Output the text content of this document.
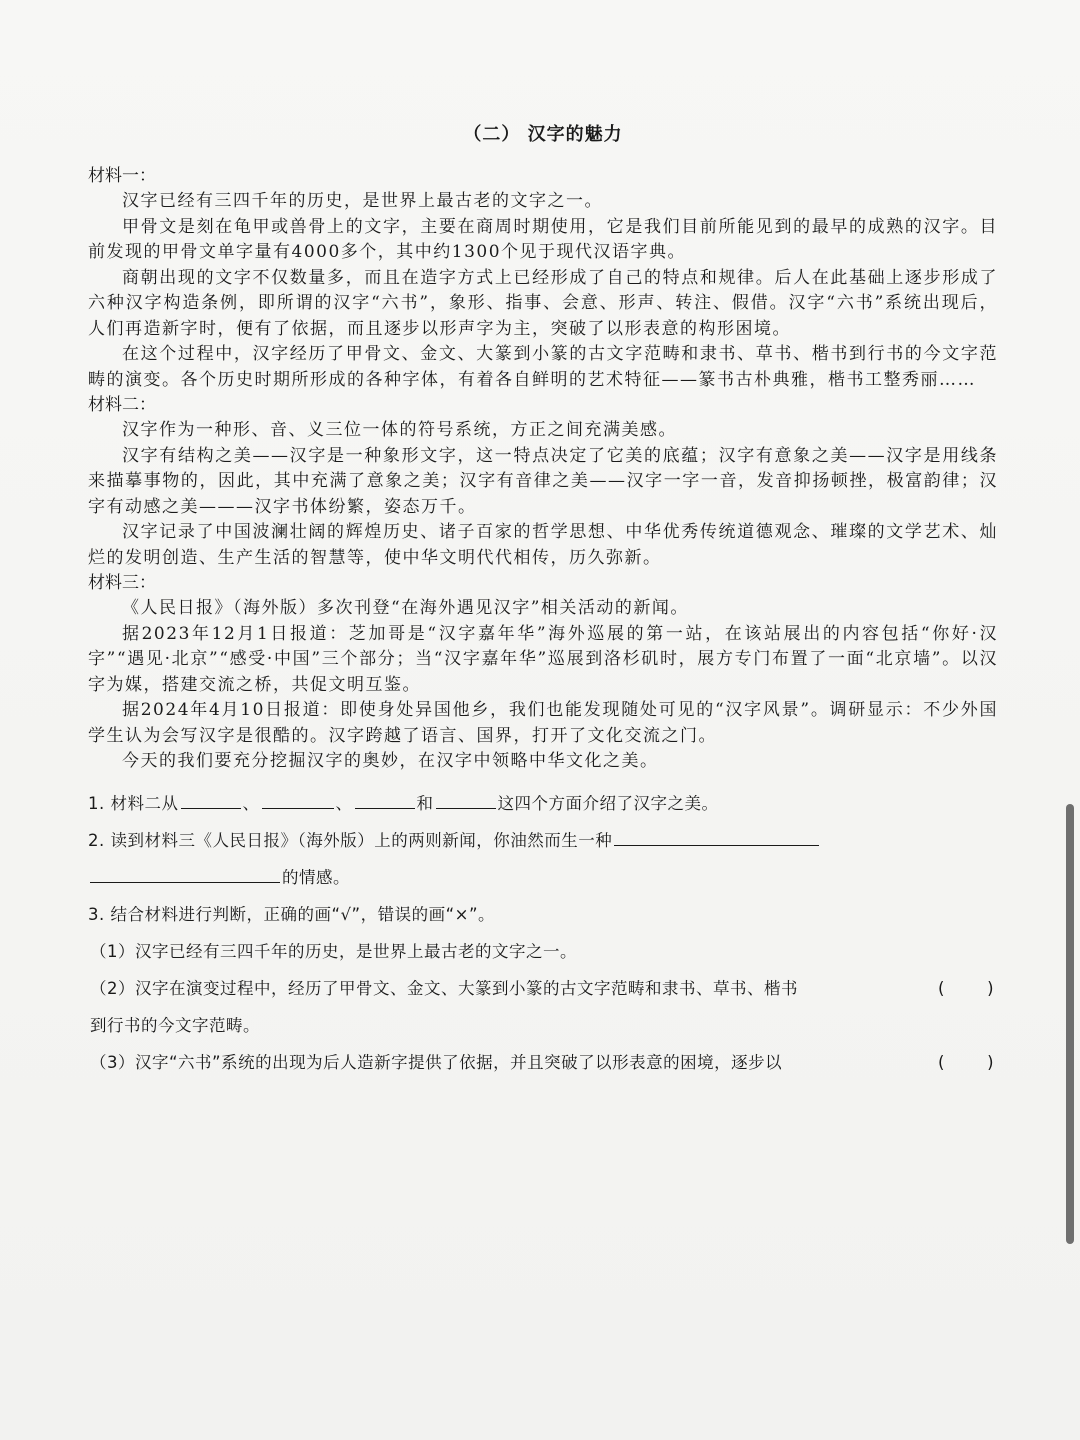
（二） 汉字的魅力

材料一：

汉字已经有三四千年的历史，是世界上最古老的文字之一。

甲骨文是刻在龟甲或兽骨上的文字，主要在商周时期使用，它是我们目前所能见到的最早的成熟的汉字。目前发现的甲骨文单字量有4000多个，其中约1300个见于现代汉语字典。

商朝出现的文字不仅数量多，而且在造字方式上已经形成了自己的特点和规律。后人在此基础上逐步形成了六种汉字构造条例，即所谓的汉字“六书”，象形、指事、会意、形声、转注、假借。汉字“六书”系统出现后，人们再造新字时，便有了依据，而且逐步以形声字为主，突破了以形表意的构形困境。

在这个过程中，汉字经历了甲骨文、金文、大篆到小篆的古文字范畴和隶书、草书、楷书到行书的今文字范畴的演变。各个历史时期所形成的各种字体，有着各自鲜明的艺术特征——篆书古朴典雅，楷书工整秀丽……

材料二：

汉字作为一种形、音、义三位一体的符号系统，方正之间充满美感。

汉字有结构之美——汉字是一种象形文字，这一特点决定了它美的底蕴；汉字有意象之美——汉字是用线条来描摹事物的，因此，其中充满了意象之美；汉字有音律之美——汉字一字一音，发音抑扬顿挫，极富韵律；汉字有动感之美———汉字书体纷繁，姿态万千。

汉字记录了中国波澜壮阔的辉煌历史、诸子百家的哲学思想、中华优秀传统道德观念、璀璨的文学艺术、灿烂的发明创造、生产生活的智慧等，使中华文明代代相传，历久弥新。

材料三：

《人民日报》（海外版）多次刊登“在海外遇见汉字”相关活动的新闻。

据2023年12月1日报道：芝加哥是“汉字嘉年华”海外巡展的第一站，在该站展出的内容包括“你好·汉字”“遇见·北京”“感受·中国”三个部分；当“汉字嘉年华”巡展到洛杉矶时，展方专门布置了一面“北京墙”。以汉字为媒，搭建交流之桥，共促文明互鉴。

据2024年4月10日报道：即使身处异国他乡，我们也能发现随处可见的“汉字风景”。调研显示：不少外国学生认为会写汉字是很酷的。汉字跨越了语言、国界，打开了文化交流之门。

今天的我们要充分挖掘汉字的奥妙，在汉字中领略中华文化之美。

1. 材料二从	、	、	和	这四个方面介绍了汉字之美。

2. 读到材料三《人民日报》（海外版）上的两则新闻，你油然而生一种
的情感。

3. 结合材料进行判断，正确的画“√”，错误的画“×”。

（1）汉字已经有三四千年的历史，是世界上最古老的文字之一。
(	)

（2）汉字在演变过程中，经历了甲骨文、金文、大篆到小篆的古文字范畴和隶书、草书、楷书
到行书的今文字范畴。
(	)

（3）汉字“六书”系统的出现为后人造新字提供了依据，并且突破了以形表意的困境，逐步以
